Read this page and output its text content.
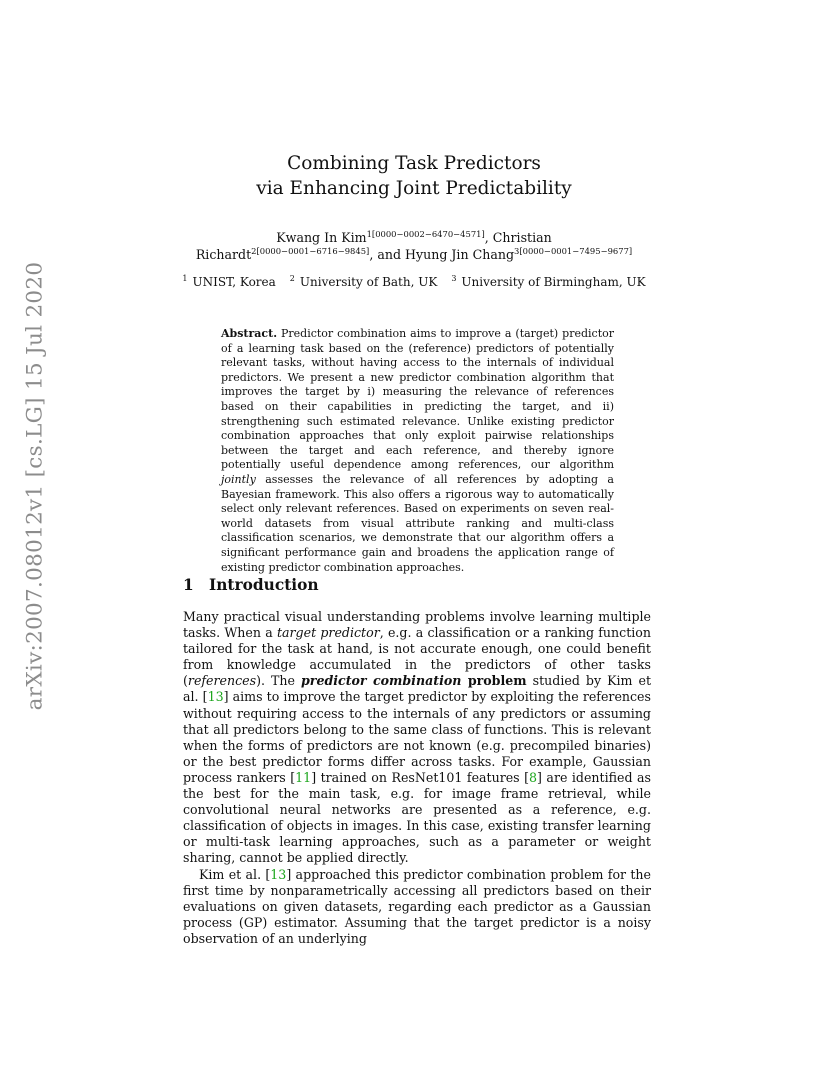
arXiv:2007.08012v1 [cs.LG] 15 Jul 2020
Combining Task Predictors
via Enhancing Joint Predictability
Kwang In Kim$^{1[0000-0002-6470-4571]}$, Christian
Richardt$^{2[0000-0001-6716-9845]}$, and Hyung Jin Chang$^{3[0000-0001-7495-9677]}$
$^1$ UNIST, Korea $^2$ University of Bath, UK $^3$ University of Birmingham, UK
Abstract. Predictor combination aims to improve a (target) predictor of a learning task based on the (reference) predictors of potentially relevant tasks, without having access to the internals of individual predictors. We present a new predictor combination algorithm that improves the target by i) measuring the relevance of references based on their capabilities in predicting the target, and ii) strengthening such estimated relevance. Unlike existing predictor combination approaches that only exploit pairwise relationships between the target and each reference, and thereby ignore potentially useful dependence among references, our algorithm jointly assesses the relevance of all references by adopting a Bayesian framework. This also offers a rigorous way to automatically select only relevant references. Based on experiments on seven real-world datasets from visual attribute ranking and multi-class classification scenarios, we demonstrate that our algorithm offers a significant performance gain and broadens the application range of existing predictor combination approaches.
1 Introduction

Many practical visual understanding problems involve learning multiple tasks. When a target predictor, e.g. a classification or a ranking function tailored for the task at hand, is not accurate enough, one could benefit from knowledge accumulated in the predictors of other tasks (references). The predictor combination problem studied by Kim et al. [13] aims to improve the target predictor by exploiting the references without requiring access to the internals of any predictors or assuming that all predictors belong to the same class of functions. This is relevant when the forms of predictors are not known (e.g. precompiled binaries) or the best predictor forms differ across tasks. For example, Gaussian process rankers [11] trained on ResNet101 features [8] are identified as the best for the main task, e.g. for image frame retrieval, while convolutional neural networks are presented as a reference, e.g. classification of objects in images. In this case, existing transfer learning or multi-task learning approaches, such as a parameter or weight sharing, cannot be applied directly.

Kim et al. [13] approached this predictor combination problem for the first time by nonparametrically accessing all predictors based on their evaluations on given datasets, regarding each predictor as a Gaussian process (GP) estimator. Assuming that the target predictor is a noisy observation of an underlying
